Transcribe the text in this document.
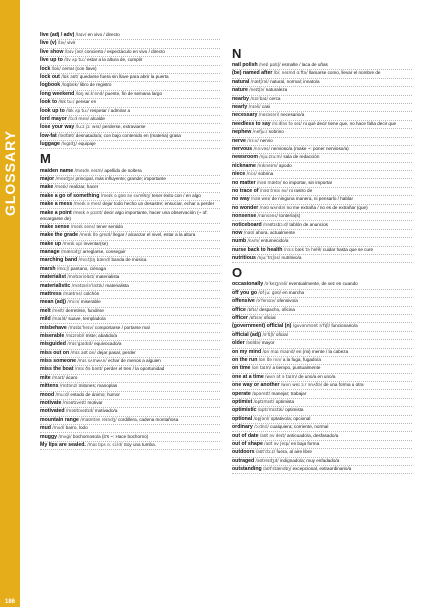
GLOSSARY
186
live (adj / adv) /laɪv/ en vivo / directo
live (v) /lɪv/ vivir
live show /laɪv ʃəʊ/ concierto / espectáculo en vivo / directo
live up to /lɪv ʌp tuː/ estar a la altura de, cumplir
lock /lɒk/ cerrar (con llave)
lock out /lɒk aʊt/ quedarse fuera sin llave para abrir la puerta
logbook /lɒgbʊk/ libro de registro
long weekend /lɒŋ wiːk'end/ puente, fin de semana largo
look to /lʊk tuː/ pensar en
look up to /lʊk ʌp tuː/ respetar / admirar a
lord mayor /lɔːd meə/ alcalde
lose your way /luːz jɔː weɪ/ perderse, extraviarse
low-fat /ləʊfæt/ desnatado/a; con bajo contenido en (materia) grasa
luggage /lʌgɪdʒ/ equipaje
M
maiden name /meɪdn neɪm/ apellido de soltera
major /meɪdʒə/ principal, más influyente; grande; importante
make /meɪk/ realizar, hacer
make a go of something /meɪk ə gəʊ əv sʌmθɪŋ/ tener éxito con / en algo
make a mess /meɪk ə mes/ dejar todo hecho un desastre; ensuciar, echar a perder
make a point /meɪk ə pɔɪnt/ decir algo importante, hacer una observación (~ of: encargarse de)
make sense /meɪk sens/ tener sentido
make the grade /meɪk ðə greɪd/ llegar / alcanzar el nivel, estar a la altura
make up /meɪk ʌp/ inventar(se)
manage /mænɪdʒ/ arreglarse, conseguir
marching band /mɑːtʃɪŋ bænd/ banda de música
marsh /mɑːʃ/ pantano, ciénaga
materialist /mətɪəriəlɪst/ materialista
materialistic /mətɪəriə'lɪstɪk/ materialista
mattress /mætrəs/ colchón
mean (adj) /miːn/ miserable
melt /melt/ derretirse, fundirse
mild /maɪld/ suave, templado/a
misbehave /mɪsbɪ'heɪv/ comportarse / portarse mal
miserable /mɪzrəbl/ triste; abatido/a
misguided /mɪs'gaɪdɪd/ equivocado/a
miss out on /mɪs aʊt ɒn/ dejar pasar, perder
miss someone /mɪs sʌmwʌn/ echar de menos a alguien
miss the boat /mɪs ðə bəʊt/ perder el tren / la oportunidad
mite /maɪt/ ácaro
mittens /mɪtənz/ mitones; manoplas
mood /muːd/ estado de ánimo; humor
motivate /məʊtɪveɪt/ motivar
motivated /məʊtɪveɪtɪd/ motivado/a
mountain range /maʊntən reɪndʒ/ cordillera, cadena montañosa
mud /mʌd/ barro, lodo
muggy /mʌgi/ bochornoso/a (it's ~: Hace bochorno)
My lips are sealed. /maɪ lɪps ɑː siːld/ Soy una tumba.
N
nail polish /neɪl pɒlɪʃ/ esmalte / laca de uñas
(be) named after /bi: neɪmd ɑːftə/ llamarse como, llevar el nombre de
natural /nætʃrəl/ natural, normal; innato/a
nature /neɪtʃə/ naturaleza
nearby /nɪə'baɪ/ cerca
nearly /nɪəli/ casi
necessary /nesəsəri/ necesario/a
needless to say /niːdləs tə seɪ/ ni qué decir tiene que, no hace falta decir que
nephew /nefjuː/ sobrino
nerve /nɜːv/ nervio
nervous /nɜːvəs/ nervioso/a (make ~: poner nervioso/a)
newsroom /njuːzruːm/ sala de redacción
nickname /nɪkneɪm/ apodo
niece /niːs/ sobrina
no matter /nəʊ mætə/ no importar, sin importar
no trace of /nəʊ treɪs əv/ ni rastro de
no way /nəʊ weɪ/ de ninguna manera, ni pensarlo / hablar
no wonder /nəʊ wʌndə/ no me extraña / no es de extrañar (que)
nonsense /nɒnsəns/ tontería(s)
noticeboard /nəʊtɪsbɔːd/ tablón de anuncios
now /naʊ/ ahora, actualmente
numb /nʌm/ entumecido/a
nurse back to health /nɜːs bæk tə helθ/ cuidar hasta que se cure
nutritious /njuː'trɪʃəs/ nutritivo/a
O
occasionally /ə'keɪʒnəli/ eventualmente, de vez en cuando
off you go /ɒf juː gəʊ/ en marcha
offensive /ə'fensɪv/ ofensivo/a
office /ɒfɪs/ despacho, oficina
officer /ɒfɪsə/ oficial
(government) official (n) /gʌvənmənt ə'fɪʃl/ funcionario/a
official (adj) /ə'fɪʃl/ oficial
older /əʊldə/ mayor
on my mind /ɒn maɪ maɪnd/ en (mi) mente / la cabeza
on the run /ɒn ðə rʌn/ a la fuga, fugado/a
on time /ɒn taɪm/ a tiempo, puntualmente
one at a time /wʌn ət ə taɪm/ de uno/a en uno/a
one way or another /wʌn weɪ ɔːr ənʌðə/ de una forma u otra
operate /ɒpəreɪt/ manejar; trabajar
optimist /ɒptɪmɪst/ optimista
optimistic /ɒptɪ'mɪstɪk/ optimista
optional /ɒpʃənl/ optativo/a; opcional
ordinary /ɔːdnri/ cualquiera; corriente, normal
out of date /aʊt əv deɪt/ anticuado/a, desfasado/a
out of shape /aʊt əv ʃeɪp/ en baja forma
outdoors /aʊt'dɔːz/ fuera, al aire libre
outraged /aʊtreɪdʒd/ indignado/a; muy enfadado/a
outstanding /aʊt'stændɪŋ/ excepcional, extraordinario/a
